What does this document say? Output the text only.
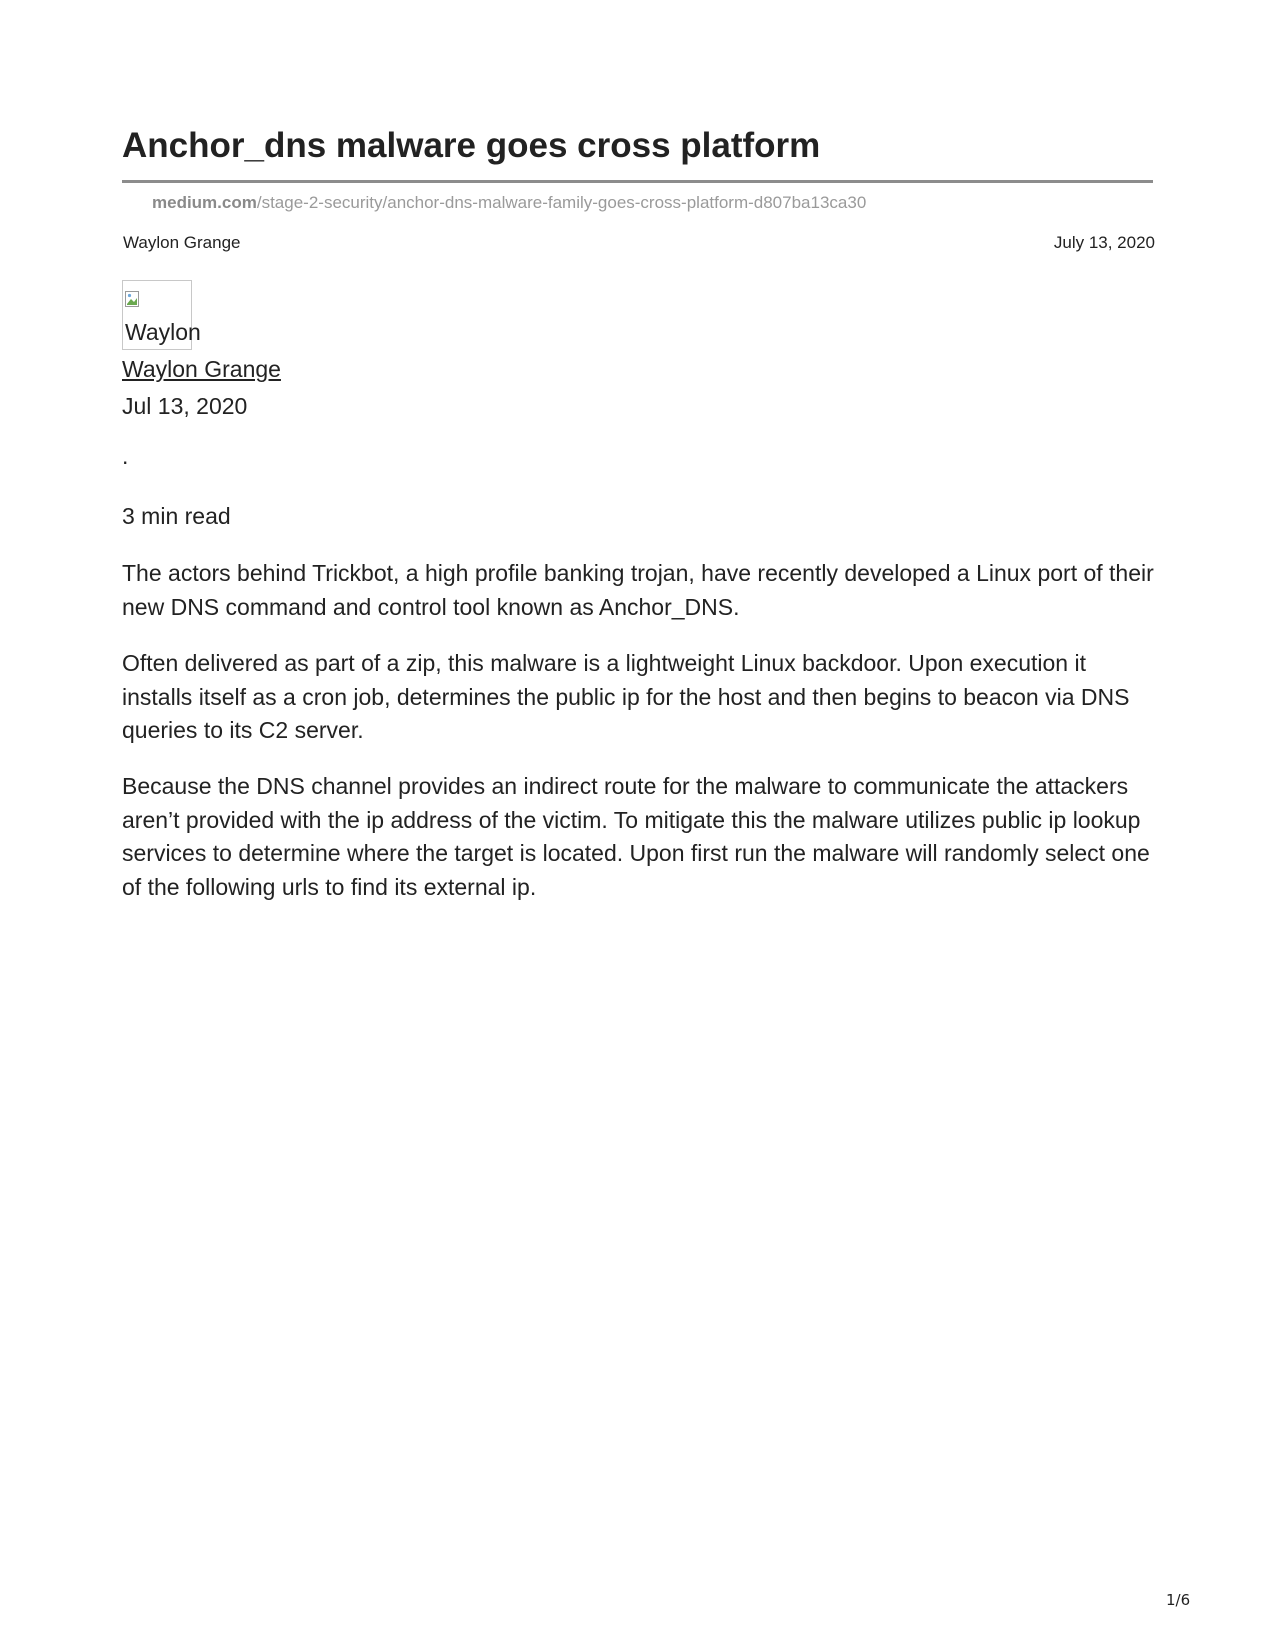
Anchor_dns malware goes cross platform
medium.com/stage-2-security/anchor-dns-malware-family-goes-cross-platform-d807ba13ca30
Waylon Grange	July 13, 2020
Waylon
Waylon Grange
Jul 13, 2020
.
3 min read

The actors behind Trickbot, a high profile banking trojan, have recently developed a Linux port of their new DNS command and control tool known as Anchor_DNS.

Often delivered as part of a zip, this malware is a lightweight Linux backdoor. Upon execution it installs itself as a cron job, determines the public ip for the host and then begins to beacon via DNS queries to its C2 server.

Because the DNS channel provides an indirect route for the malware to communicate the attackers aren’t provided with the ip address of the victim. To mitigate this the malware utilizes public ip lookup services to determine where the target is located. Upon first run the malware will randomly select one of the following urls to find its external ip.

1/6
